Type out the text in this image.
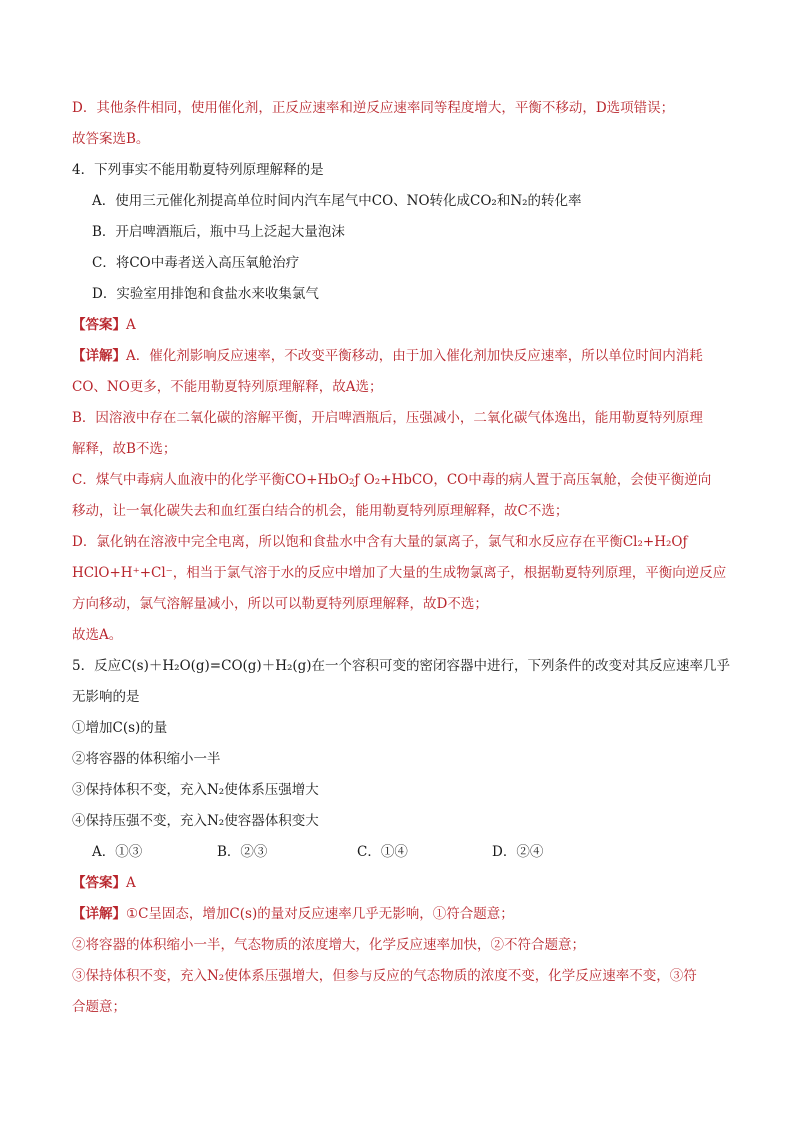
D．其他条件相同，使用催化剂，正反应速率和逆反应速率同等程度增大，平衡不移动，D选项错误；
故答案选B。
4．下列事实不能用勒夏特列原理解释的是
A．使用三元催化剂提高单位时间内汽车尾气中CO、NO转化成CO₂和N₂的转化率
B．开启啤酒瓶后，瓶中马上泛起大量泡沫
C．将CO中毒者送入高压氧舱治疗
D．实验室用排饱和食盐水来收集氯气
【答案】A
【详解】A．催化剂影响反应速率，不改变平衡移动，由于加入催化剂加快反应速率，所以单位时间内消耗
CO、NO更多，不能用勒夏特列原理解释，故A选；
B．因溶液中存在二氧化碳的溶解平衡，开启啤酒瓶后，压强减小，二氧化碳气体逸出，能用勒夏特列原理
解释，故B不选；
C．煤气中毒病人血液中的化学平衡CO+HbO₂ƒ O₂+HbCO，CO中毒的病人置于高压氧舱，会使平衡逆向
移动，让一氧化碳失去和血红蛋白结合的机会，能用勒夏特列原理解释，故C不选；
D．氯化钠在溶液中完全电离，所以饱和食盐水中含有大量的氯离子，氯气和水反应存在平衡Cl₂+H₂Oƒ
HClO+H⁺+Cl⁻，相当于氯气溶于水的反应中增加了大量的生成物氯离子，根据勒夏特列原理，平衡向逆反应
方向移动，氯气溶解量减小，所以可以勒夏特列原理解释，故D不选；
故选A。
5．反应C(s)＋H₂O(g)=CO(g)＋H₂(g)在一个容积可变的密闭容器中进行，下列条件的改变对其反应速率几乎
无影响的是
①增加C(s)的量
②将容器的体积缩小一半
③保持体积不变，充入N₂使体系压强增大
④保持压强不变，充入N₂使容器体积变大
A．①③	B．②③	C．①④	D．②④
【答案】A
【详解】①C呈固态，增加C(s)的量对反应速率几乎无影响，①符合题意；
②将容器的体积缩小一半，气态物质的浓度增大，化学反应速率加快，②不符合题意；
③保持体积不变，充入N₂使体系压强增大，但参与反应的气态物质的浓度不变，化学反应速率不变，③符
合题意；
